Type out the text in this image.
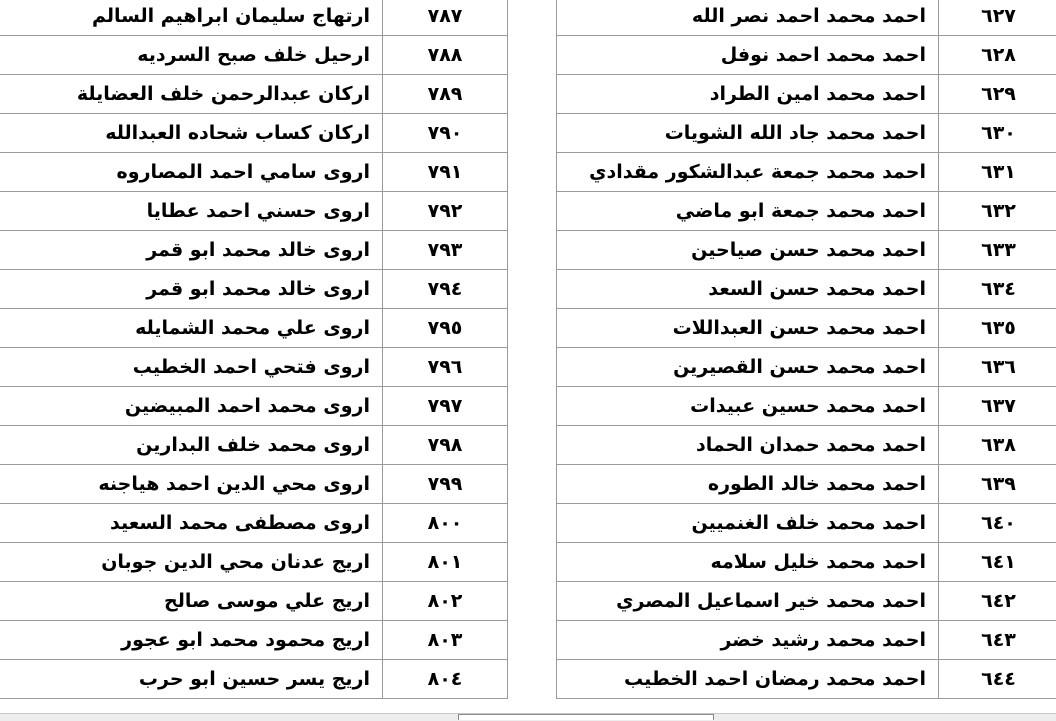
ارتهاج سليمان ابراهيم السالم	٧٨٧
ارحيل خلف صبح السرديه	٧٨٨
اركان عبدالرحمن خلف العضايلة	٧٨٩
اركان كساب شحاده العبدالله	٧٩٠
اروى سامي احمد المصاروه	٧٩١
اروى حسني احمد عطايا	٧٩٢
اروى خالد محمد ابو قمر	٧٩٣
اروى خالد محمد ابو قمر	٧٩٤
اروى علي محمد الشمايله	٧٩٥
اروى فتحي احمد الخطيب	٧٩٦
اروى محمد احمد المبيضين	٧٩٧
اروى محمد خلف البدارين	٧٩٨
اروى محي الدين احمد هياجنه	٧٩٩
اروى مصطفى محمد السعيد	٨٠٠
اريج عدنان محي الدين جوبان	٨٠١
اريج علي موسى صالح	٨٠٢
اريج محمود محمد ابو عجور	٨٠٣
اريج يسر حسين ابو حرب	٨٠٤
احمد محمد احمد نصر الله	٦٢٧
احمد محمد احمد نوفل	٦٢٨
احمد محمد امين الطراد	٦٢٩
احمد محمد جاد الله الشويات	٦٣٠
احمد محمد جمعة عبدالشكور مقدادي	٦٣١
احمد محمد جمعة ابو ماضي	٦٣٢
احمد محمد حسن صياحين	٦٣٣
احمد محمد حسن السعد	٦٣٤
احمد محمد حسن العبداللات	٦٣٥
احمد محمد حسن القصيرين	٦٣٦
احمد محمد حسين عبيدات	٦٣٧
احمد محمد حمدان الحماد	٦٣٨
احمد محمد خالد الطوره	٦٣٩
احمد محمد خلف الغنميين	٦٤٠
احمد محمد خليل سلامه	٦٤١
احمد محمد خير اسماعيل المصري	٦٤٢
احمد محمد رشيد خضر	٦٤٣
احمد محمد رمضان احمد الخطيب	٦٤٤
